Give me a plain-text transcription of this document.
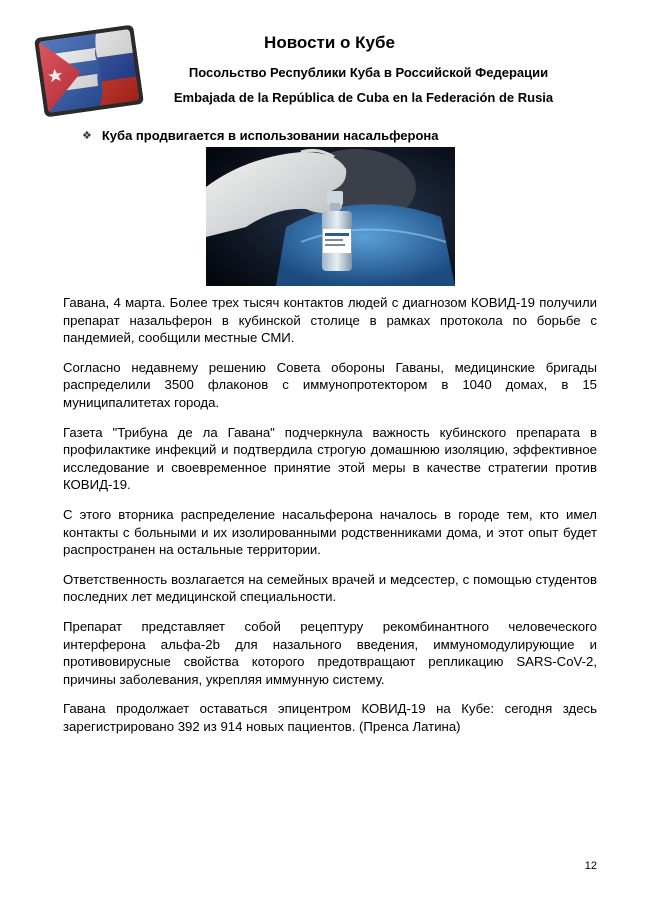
Новости о Кубе
Посольство Республики Куба в Российской Федерации
Embajada de la República de Cuba en la Federación de Rusia
❖ Куба продвигается в использовании насальферона

Гавана, 4 марта. Более трех тысяч контактов людей с диагнозом КОВИД-19 получили препарат назальферон в кубинской столице в рамках протокола по борьбе с пандемией, сообщили местные СМИ.

Согласно недавнему решению Совета обороны Гаваны, медицинские бригады распределили 3500 флаконов с иммунопротектором в 1040 домах, в 15 муниципалитетах города.

Газета "Трибуна де ла Гавана" подчеркнула важность кубинского препарата в профилактике инфекций и подтвердила строгую домашнюю изоляцию, эффективное исследование и своевременное принятие этой меры в качестве стратегии против КОВИД-19.

С этого вторника распределение насальферона началось в городе тем, кто имел контакты с больными и их изолированными родственниками дома, и этот опыт будет распространен на остальные территории.

Ответственность возлагается на семейных врачей и медсестер, с помощью студентов последних лет медицинской специальности.

Препарат представляет собой рецептуру рекомбинантного человеческого интерферона альфа-2b для назального введения, иммуномодулирующие и противовирусные свойства которого предотвращают репликацию SARS-CoV-2, причины заболевания, укрепляя иммунную систему.

Гавана продолжает оставаться эпицентром КОВИД-19 на Кубе: сегодня здесь зарегистрировано 392 из 914 новых пациентов. (Пренса Латина)

12
